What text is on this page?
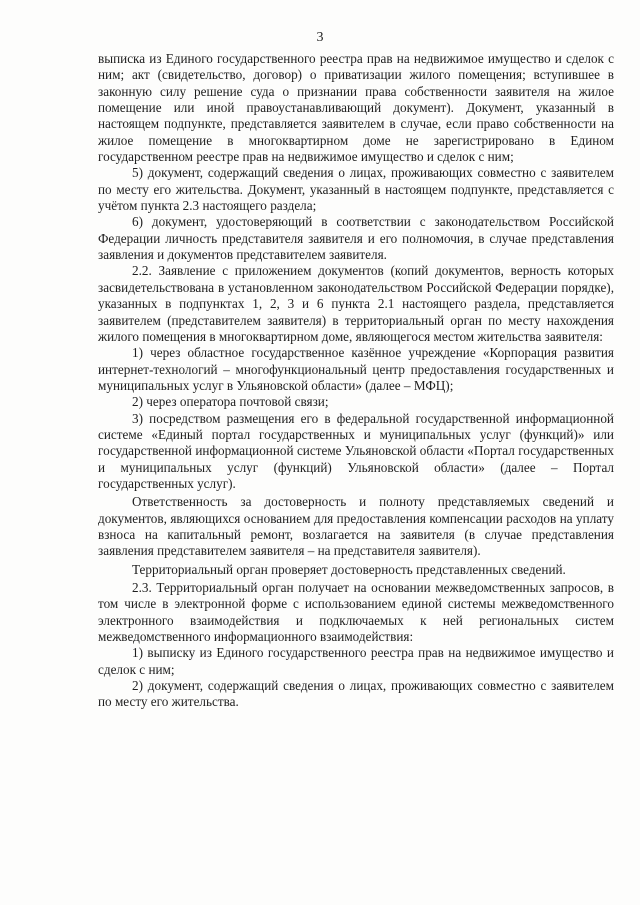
3

выписка из Единого государственного реестра прав на недвижимое имущество и сделок с ним; акт (свидетельство, договор) о приватизации жилого помещения; вступившее в законную силу решение суда о признании права собственности заявителя на жилое помещение или иной правоустанавливающий документ). Документ, указанный в настоящем подпункте, представляется заявителем в случае, если право собственности на жилое помещение в многоквартирном доме не зарегистрировано в Едином государственном реестре прав на недвижимое имущество и сделок с ним;

5) документ, содержащий сведения о лицах, проживающих совместно с заявителем по месту его жительства. Документ, указанный в настоящем подпункте, представляется с учётом пункта 2.3 настоящего раздела;

6) документ, удостоверяющий в соответствии с законодательством Российской Федерации личность представителя заявителя и его полномочия, в случае представления заявления и документов представителем заявителя.

2.2. Заявление с приложением документов (копий документов, верность которых засвидетельствована в установленном законодательством Российской Федерации порядке), указанных в подпунктах 1, 2, 3 и 6 пункта 2.1 настоящего раздела, представляется заявителем (представителем заявителя) в территориальный орган по месту нахождения жилого помещения в многоквартирном доме, являющегося местом жительства заявителя:

1) через областное государственное казённое учреждение «Корпорация развития интернет-технологий – многофункциональный центр предоставления государственных и муниципальных услуг в Ульяновской области» (далее – МФЦ);

2) через оператора почтовой связи;

3) посредством размещения его в федеральной государственной информационной системе «Единый портал государственных и муниципальных услуг (функций)» или государственной информационной системе Ульяновской области «Портал государственных и муниципальных услуг (функций) Ульяновской области» (далее – Портал государственных услуг).

Ответственность за достоверность и полноту представляемых сведений и документов, являющихся основанием для предоставления компенсации расходов на уплату взноса на капитальный ремонт, возлагается на заявителя (в случае представления заявления представителем заявителя – на представителя заявителя).

Территориальный орган проверяет достоверность представленных сведений.

2.3. Территориальный орган получает на основании межведомственных запросов, в том числе в электронной форме с использованием единой системы межведомственного электронного взаимодействия и подключаемых к ней региональных систем межведомственного информационного взаимодействия:

1) выписку из Единого государственного реестра прав на недвижимое имущество и сделок с ним;

2) документ, содержащий сведения о лицах, проживающих совместно с заявителем по месту его жительства.
